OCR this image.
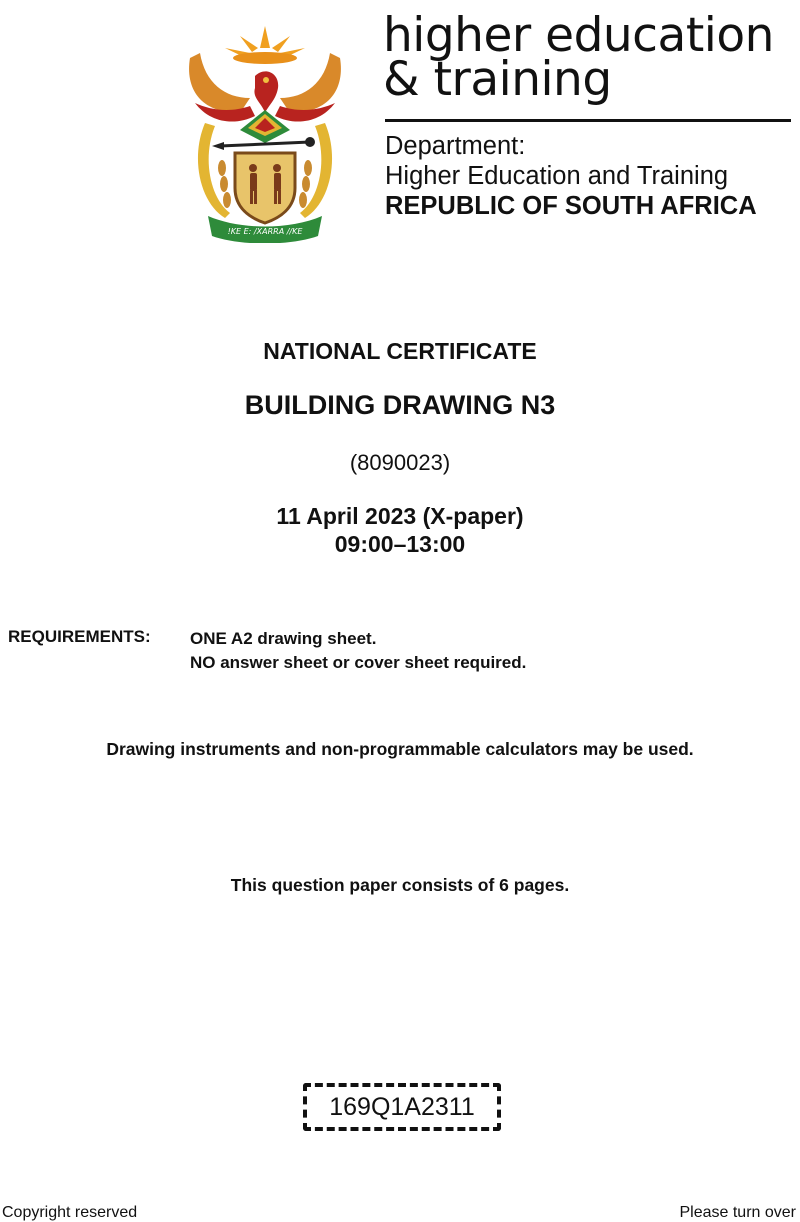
!KE E: /XARRA //KE
higher education
& training
Department:
Higher Education and Training
REPUBLIC OF SOUTH AFRICA
NATIONAL CERTIFICATE
BUILDING DRAWING N3
(8090023)
11 April 2023 (X-paper)
09:00–13:00
REQUIREMENTS: ONE A2 drawing sheet.
NO answer sheet or cover sheet required.
Drawing instruments and non-programmable calculators may be used.
This question paper consists of 6 pages.
169Q1A2311
Copyright reserved	Please turn over
